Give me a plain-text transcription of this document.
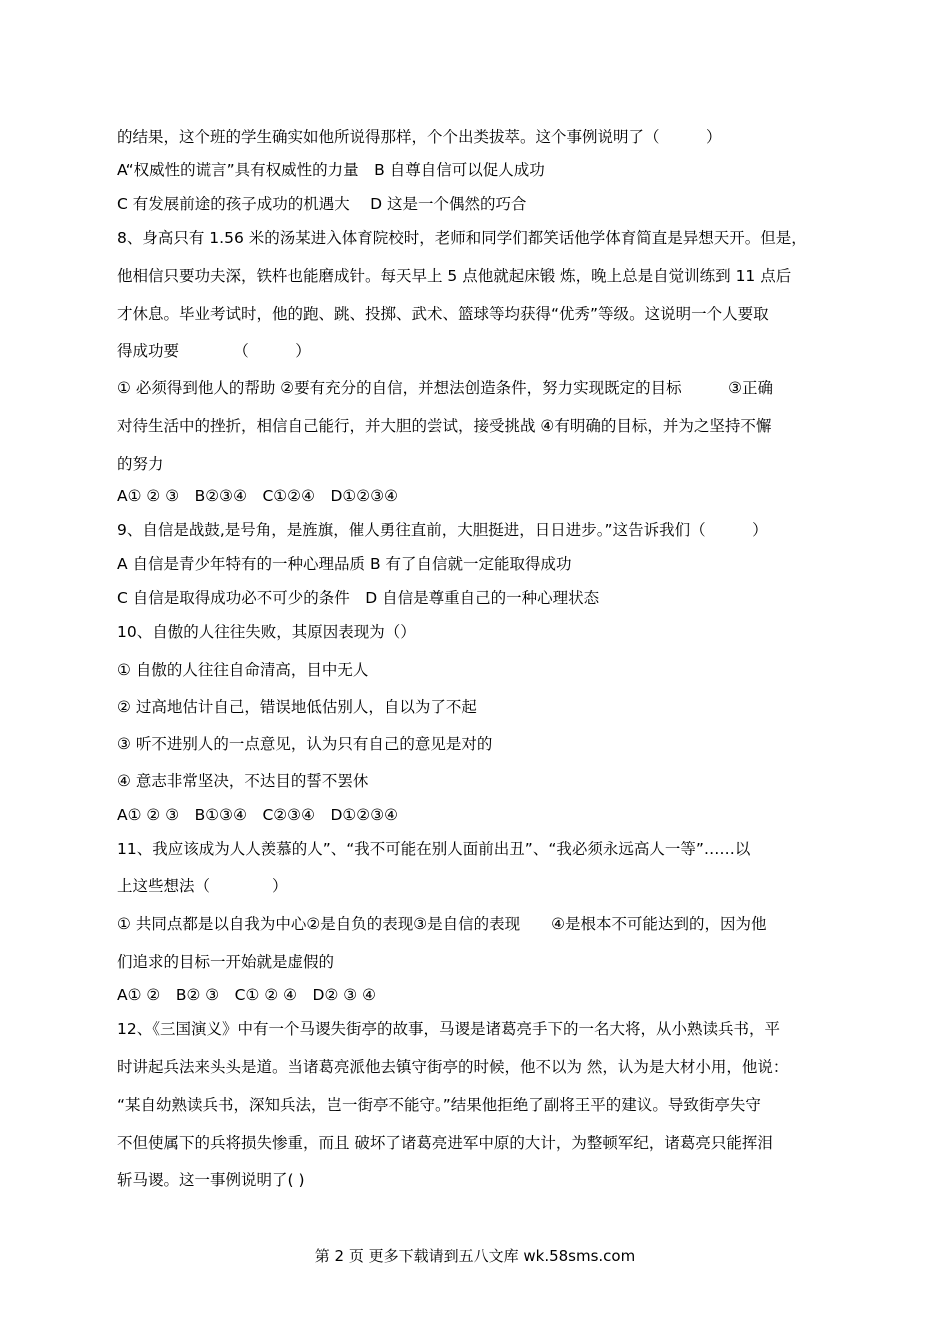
的结果，这个班的学生确实如他所说得那样，个个出类拔萃。这个事例说明了（　　　）
A“权威性的谎言”具有权威性的力量　B 自尊自信可以促人成功
C 有发展前途的孩子成功的机遇大　 D 这是一个偶然的巧合
8、身高只有 1.56 米的汤某进入体育院校时，老师和同学们都笑话他学体育简直是异想天开。但是，
他相信只要功夫深，铁杵也能磨成针。每天早上 5 点他就起床锻 炼，晚上总是自觉训练到 11 点后
才休息。毕业考试时，他的跑、跳、投掷、武术、篮球等均获得“优秀”等级。这说明一个人要取
得成功要　　　　（　　　）
① 必须得到他人的帮助 ②要有充分的自信，并想法创造条件，努力实现既定的目标　　　③正确
对待生活中的挫折，相信自己能行，并大胆的尝试，接受挑战 ④有明确的目标，并为之坚持不懈
的努力
A① ② ③　B②③④　C①②④　D①②③④
9、自信是战鼓,是号角，是旌旗，催人勇往直前，大胆挺进，日日进步。”这告诉我们（　　　）
A 自信是青少年特有的一种心理品质 B 有了自信就一定能取得成功
C 自信是取得成功必不可少的条件　D 自信是尊重自己的一种心理状态
10、自傲的人往往失败，其原因表现为（）
① 自傲的人往往自命清高，目中无人
② 过高地估计自己，错误地低估别人，自以为了不起
③ 听不进别人的一点意见，认为只有自己的意见是对的
④ 意志非常坚决，不达目的誓不罢休
A① ② ③　B①③④　C②③④　D①②③④
11、我应该成为人人羡慕的人”、“我不可能在别人面前出丑”、“我必须永远高人一等”……以
上这些想法（　　　　）
① 共同点都是以自我为中心②是自负的表现③是自信的表现　　④是根本不可能达到的，因为他
们追求的目标一开始就是虚假的
A① ②　B② ③　C① ② ④　D② ③ ④
12、《三国演义》中有一个马谡失街亭的故事，马谡是诸葛亮手下的一名大将，从小熟读兵书，平
时讲起兵法来头头是道。当诸葛亮派他去镇守街亭的时候，他不以为 然，认为是大材小用，他说：
“某自幼熟读兵书，深知兵法，岂一街亭不能守。”结果他拒绝了副将王平的建议。导致街亭失守
不但使属下的兵将损失惨重，而且 破坏了诸葛亮进军中原的大计，为整顿军纪，诸葛亮只能挥泪
斩马谡。这一事例说明了( )
第 2 页 更多下载请到五八文库 wk.58sms.com
